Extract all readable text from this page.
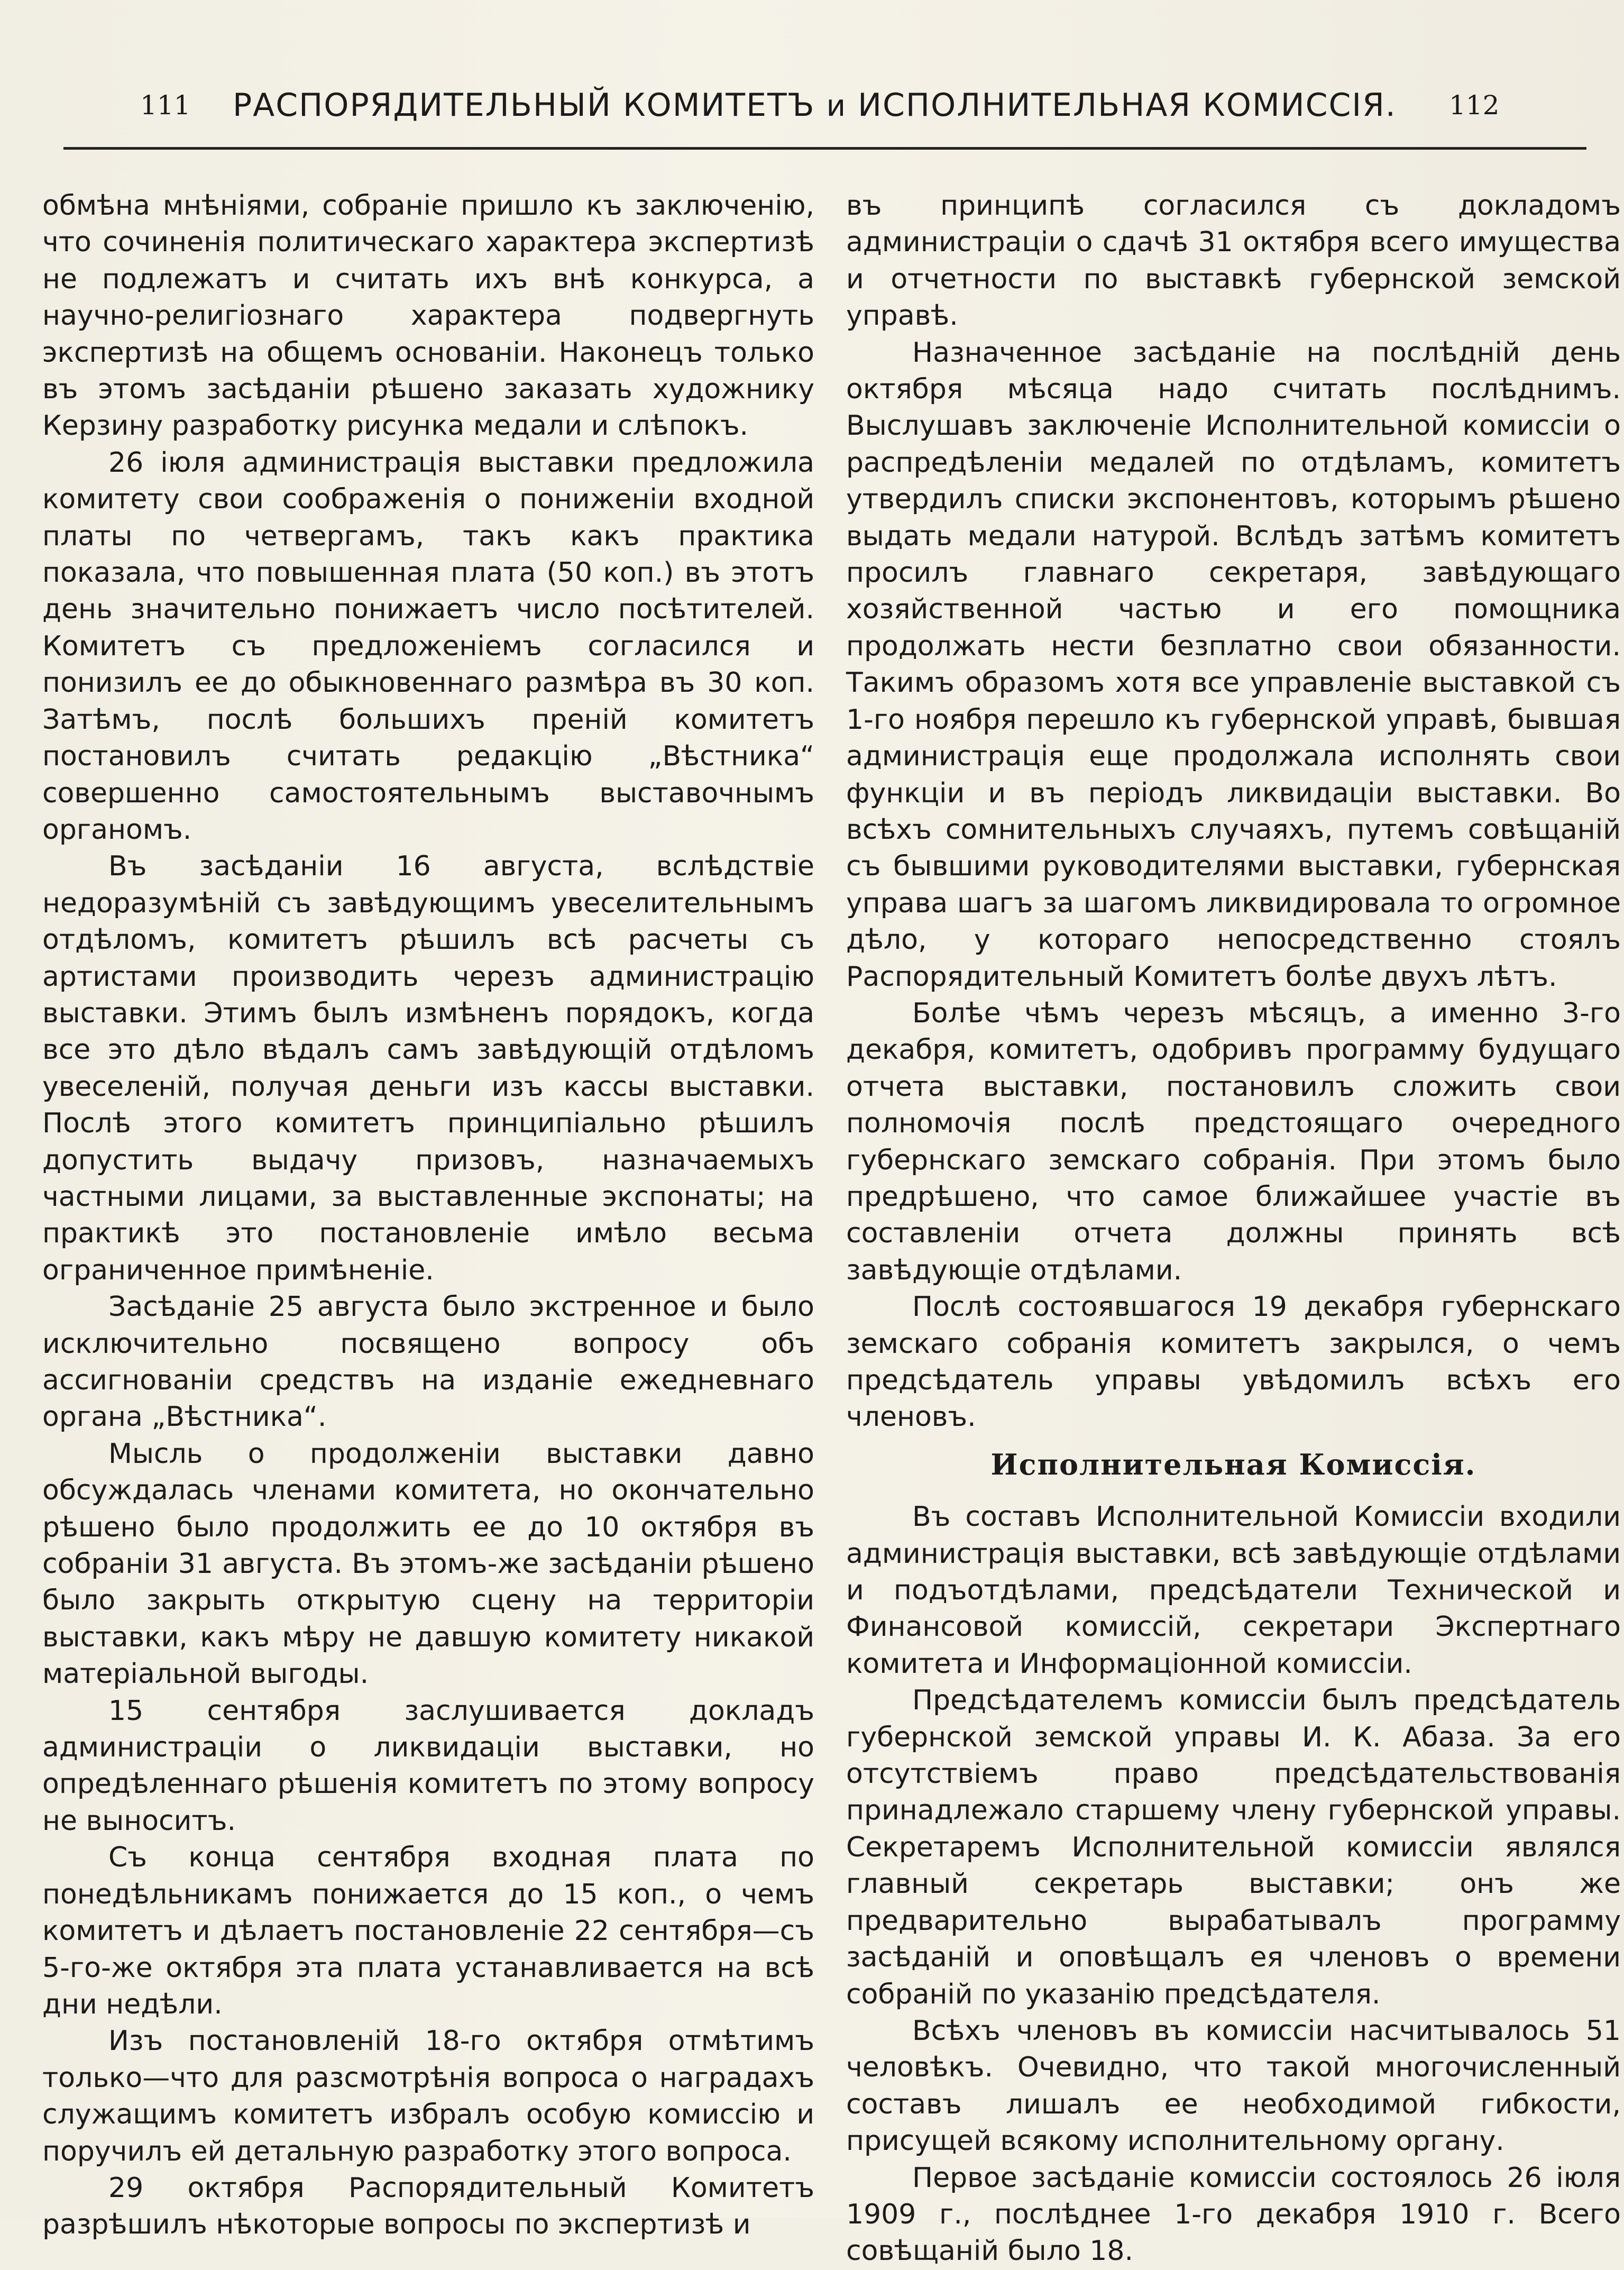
111 РАСПОРЯДИТЕЛЬНЫЙ КОМИТЕТЪ и ИСПОЛНИТЕЛЬНАЯ КОМИССІЯ. 112

обмѣна мнѣніями, собраніе пришло къ заключенію, что сочиненія политическаго характера экспертизѣ не подлежатъ и считать ихъ внѣ конкурса, а научно-религіознаго характера подвергнуть экспертизѣ на общемъ основаніи. Наконецъ только въ этомъ засѣданіи рѣшено заказать художнику Керзину разработку рисунка медали и слѣпокъ.

26 іюля администрація выставки предложила комитету свои соображенія о пониженіи входной платы по четвергамъ, такъ какъ практика показала, что повышенная плата (50 коп.) въ этотъ день значительно понижаетъ число посѣтителей. Комитетъ съ предложеніемъ согласился и понизилъ ее до обыкновеннаго размѣра въ 30 коп. Затѣмъ, послѣ большихъ преній комитетъ постановилъ считать редакцію „Вѣстника“ совершенно самостоятельнымъ выставочнымъ органомъ.

Въ засѣданіи 16 августа, вслѣдствіе недоразумѣній съ завѣдующимъ увеселительнымъ отдѣломъ, комитетъ рѣшилъ всѣ расчеты съ артистами производить черезъ администрацію выставки. Этимъ былъ измѣненъ порядокъ, когда все это дѣло вѣдалъ самъ завѣдующій отдѣломъ увеселеній, получая деньги изъ кассы выставки. Послѣ этого комитетъ принципіально рѣшилъ допустить выдачу призовъ, назначаемыхъ частными лицами, за выставленные экспонаты; на практикѣ это постановленіе имѣло весьма ограниченное примѣненіе.

Засѣданіе 25 августа было экстренное и было исключительно посвящено вопросу объ ассигнованіи средствъ на изданіе ежедневнаго органа „Вѣстника“.

Мысль о продолженіи выставки давно обсуждалась членами комитета, но окончательно рѣшено было продолжить ее до 10 октября въ собраніи 31 августа. Въ этомъ-же засѣданіи рѣшено было закрыть открытую сцену на территоріи выставки, какъ мѣру не давшую комитету никакой матеріальной выгоды.

15 сентября заслушивается докладъ администраціи о ликвидаціи выставки, но опредѣленнаго рѣшенія комитетъ по этому вопросу не выноситъ.

Съ конца сентября входная плата по понедѣльникамъ понижается до 15 коп., о чемъ комитетъ и дѣлаетъ постановленіе 22 сентября—съ 5-го-же октября эта плата устанавливается на всѣ дни недѣли.

Изъ постановленій 18-го октября отмѣтимъ только—что для разсмотрѣнія вопроса о наградахъ служащимъ комитетъ избралъ особую комиссію и поручилъ ей детальную разработку этого вопроса.

29 октября Распорядительный Комитетъ разрѣшилъ нѣкоторые вопросы по экспертизѣ и

въ принципѣ согласился съ докладомъ администраціи о сдачѣ 31 октября всего имущества и отчетности по выставкѣ губернской земской управѣ.

Назначенное засѣданіе на послѣдній день октября мѣсяца надо считать послѣднимъ. Выслушавъ заключеніе Исполнительной комиссіи о распредѣленіи медалей по отдѣламъ, комитетъ утвердилъ списки экспонентовъ, которымъ рѣшено выдать медали натурой. Вслѣдъ затѣмъ комитетъ просилъ главнаго секретаря, завѣдующаго хозяйственной частью и его помощника продолжать нести безплатно свои обязанности. Такимъ образомъ хотя все управленіе выставкой съ 1-го ноября перешло къ губернской управѣ, бывшая администрація еще продолжала исполнять свои функціи и въ періодъ ликвидаціи выставки. Во всѣхъ сомнительныхъ случаяхъ, путемъ совѣщаній съ бывшими руководителями выставки, губернская управа шагъ за шагомъ ликвидировала то огромное дѣло, у котораго непосредственно стоялъ Распорядительный Комитетъ болѣе двухъ лѣтъ.

Болѣе чѣмъ черезъ мѣсяцъ, а именно 3-го декабря, комитетъ, одобривъ программу будущаго отчета выставки, постановилъ сложить свои полномочія послѣ предстоящаго очередного губернскаго земскаго собранія. При этомъ было предрѣшено, что самое ближайшее участіе въ составленіи отчета должны принять всѣ завѣдующіе отдѣлами.

Послѣ состоявшагося 19 декабря губернскаго земскаго собранія комитетъ закрылся, о чемъ предсѣдатель управы увѣдомилъ всѣхъ его членовъ.

Исполнительная Комиссія.

Въ составъ Исполнительной Комиссіи входили администрація выставки, всѣ завѣдующіе отдѣлами и подъотдѣлами, предсѣдатели Технической и Финансовой комиссій, секретари Экспертнаго комитета и Информаціонной комиссіи.

Предсѣдателемъ комиссіи былъ предсѣдатель губернской земской управы И. К. Абаза. За его отсутствіемъ право предсѣдательствованія принадлежало старшему члену губернской управы. Секретаремъ Исполнительной комиссіи являлся главный секретарь выставки; онъ же предварительно вырабатывалъ программу засѣданій и оповѣщалъ ея членовъ о времени собраній по указанію предсѣдателя.

Всѣхъ членовъ въ комиссіи насчитывалось 51 человѣкъ. Очевидно, что такой многочисленный составъ лишалъ ее необходимой гибкости, присущей всякому исполнительному органу.

Первое засѣданіе комиссіи состоялось 26 іюля 1909 г., послѣднее 1-го декабря 1910 г. Всего совѣщаній было 18.
